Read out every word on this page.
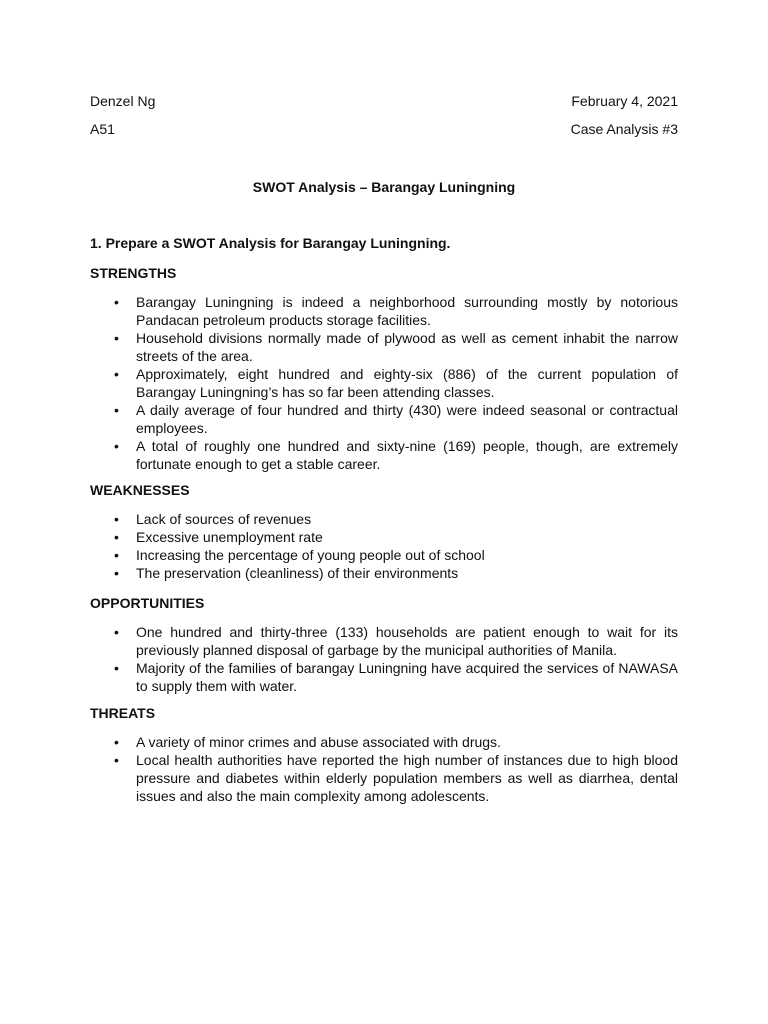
Denzel Ng	February 4, 2021
A51	Case Analysis #3
SWOT Analysis – Barangay Luningning
1. Prepare a SWOT Analysis for Barangay Luningning.
STRENGTHS
• Barangay Luningning is indeed a neighborhood surrounding mostly by notorious Pandacan petroleum products storage facilities.
• Household divisions normally made of plywood as well as cement inhabit the narrow streets of the area.
• Approximately, eight hundred and eighty-six (886) of the current population of Barangay Luningning’s has so far been attending classes.
• A daily average of four hundred and thirty (430) were indeed seasonal or contractual employees.
• A total of roughly one hundred and sixty-nine (169) people, though, are extremely fortunate enough to get a stable career.
WEAKNESSES
• Lack of sources of revenues
• Excessive unemployment rate
• Increasing the percentage of young people out of school
• The preservation (cleanliness) of their environments
OPPORTUNITIES
• One hundred and thirty-three (133) households are patient enough to wait for its previously planned disposal of garbage by the municipal authorities of Manila.
• Majority of the families of barangay Luningning have acquired the services of NAWASA to supply them with water.
THREATS
• A variety of minor crimes and abuse associated with drugs.
• Local health authorities have reported the high number of instances due to high blood pressure and diabetes within elderly population members as well as diarrhea, dental issues and also the main complexity among adolescents.
